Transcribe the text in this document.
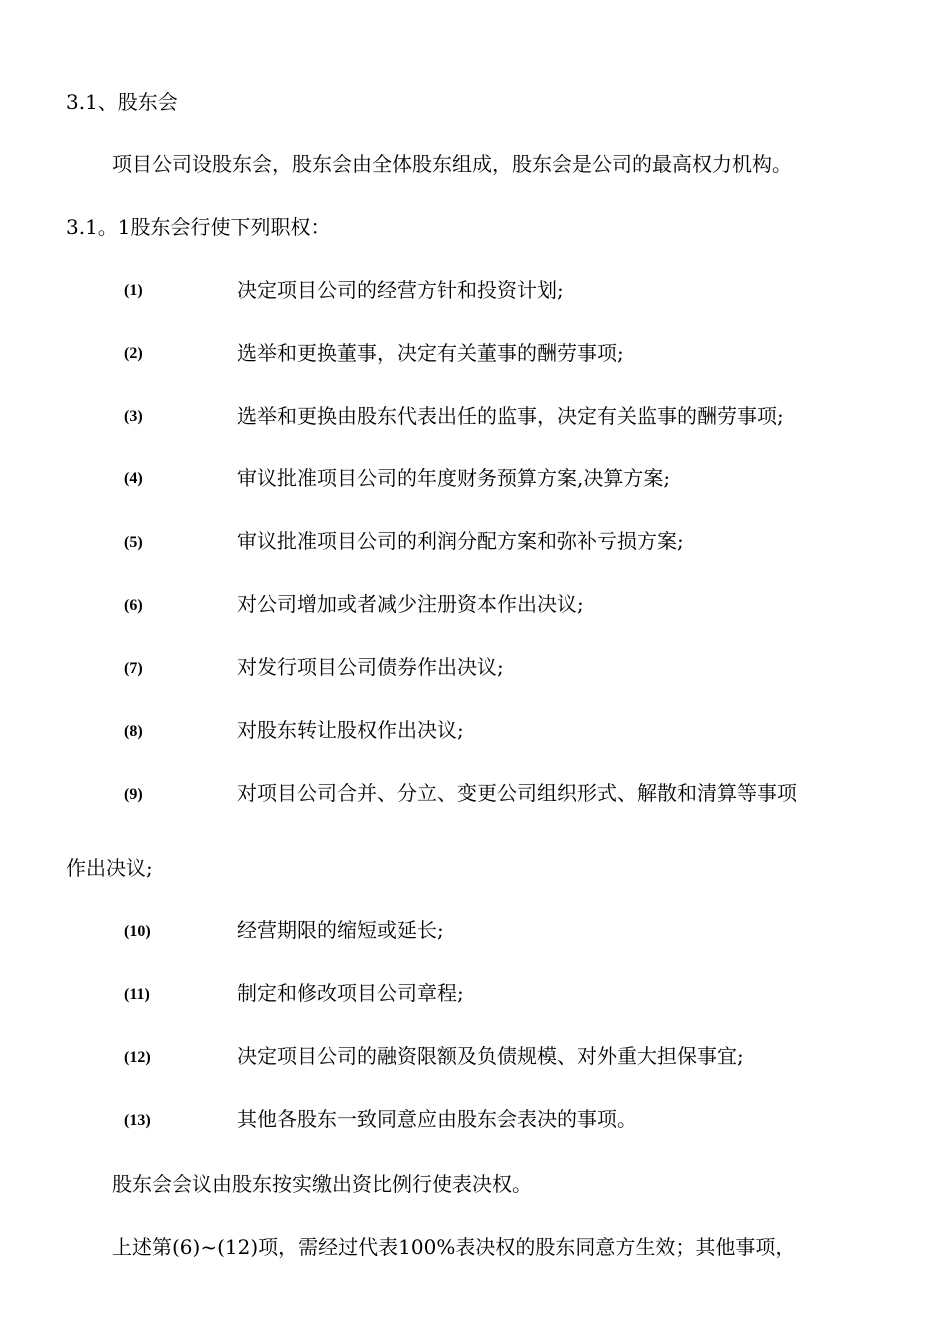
3.1、股东会
项目公司设股东会，股东会由全体股东组成，股东会是公司的最高权力机构。
3.1。1股东会行使下列职权：
(1)	决定项目公司的经营方针和投资计划;
(2)	选举和更换董事，决定有关董事的酬劳事项;
(3)	选举和更换由股东代表出任的监事，决定有关监事的酬劳事项;
(4)	审议批准项目公司的年度财务预算方案,决算方案;
(5)	审议批准项目公司的利润分配方案和弥补亏损方案;
(6)	对公司增加或者减少注册资本作出决议;
(7)	对发行项目公司债券作出决议;
(8)	对股东转让股权作出决议;
(9)	对项目公司合并、分立、变更公司组织形式、解散和清算等事项
作出决议;
(10)	经营期限的缩短或延长;
(11)	制定和修改项目公司章程;
(12)	决定项目公司的融资限额及负债规模、对外重大担保事宜;
(13)	其他各股东一致同意应由股东会表决的事项。
股东会会议由股东按实缴出资比例行使表决权。
上述第(6)~(12)项，需经过代表100%表决权的股东同意方生效；其他事项，
